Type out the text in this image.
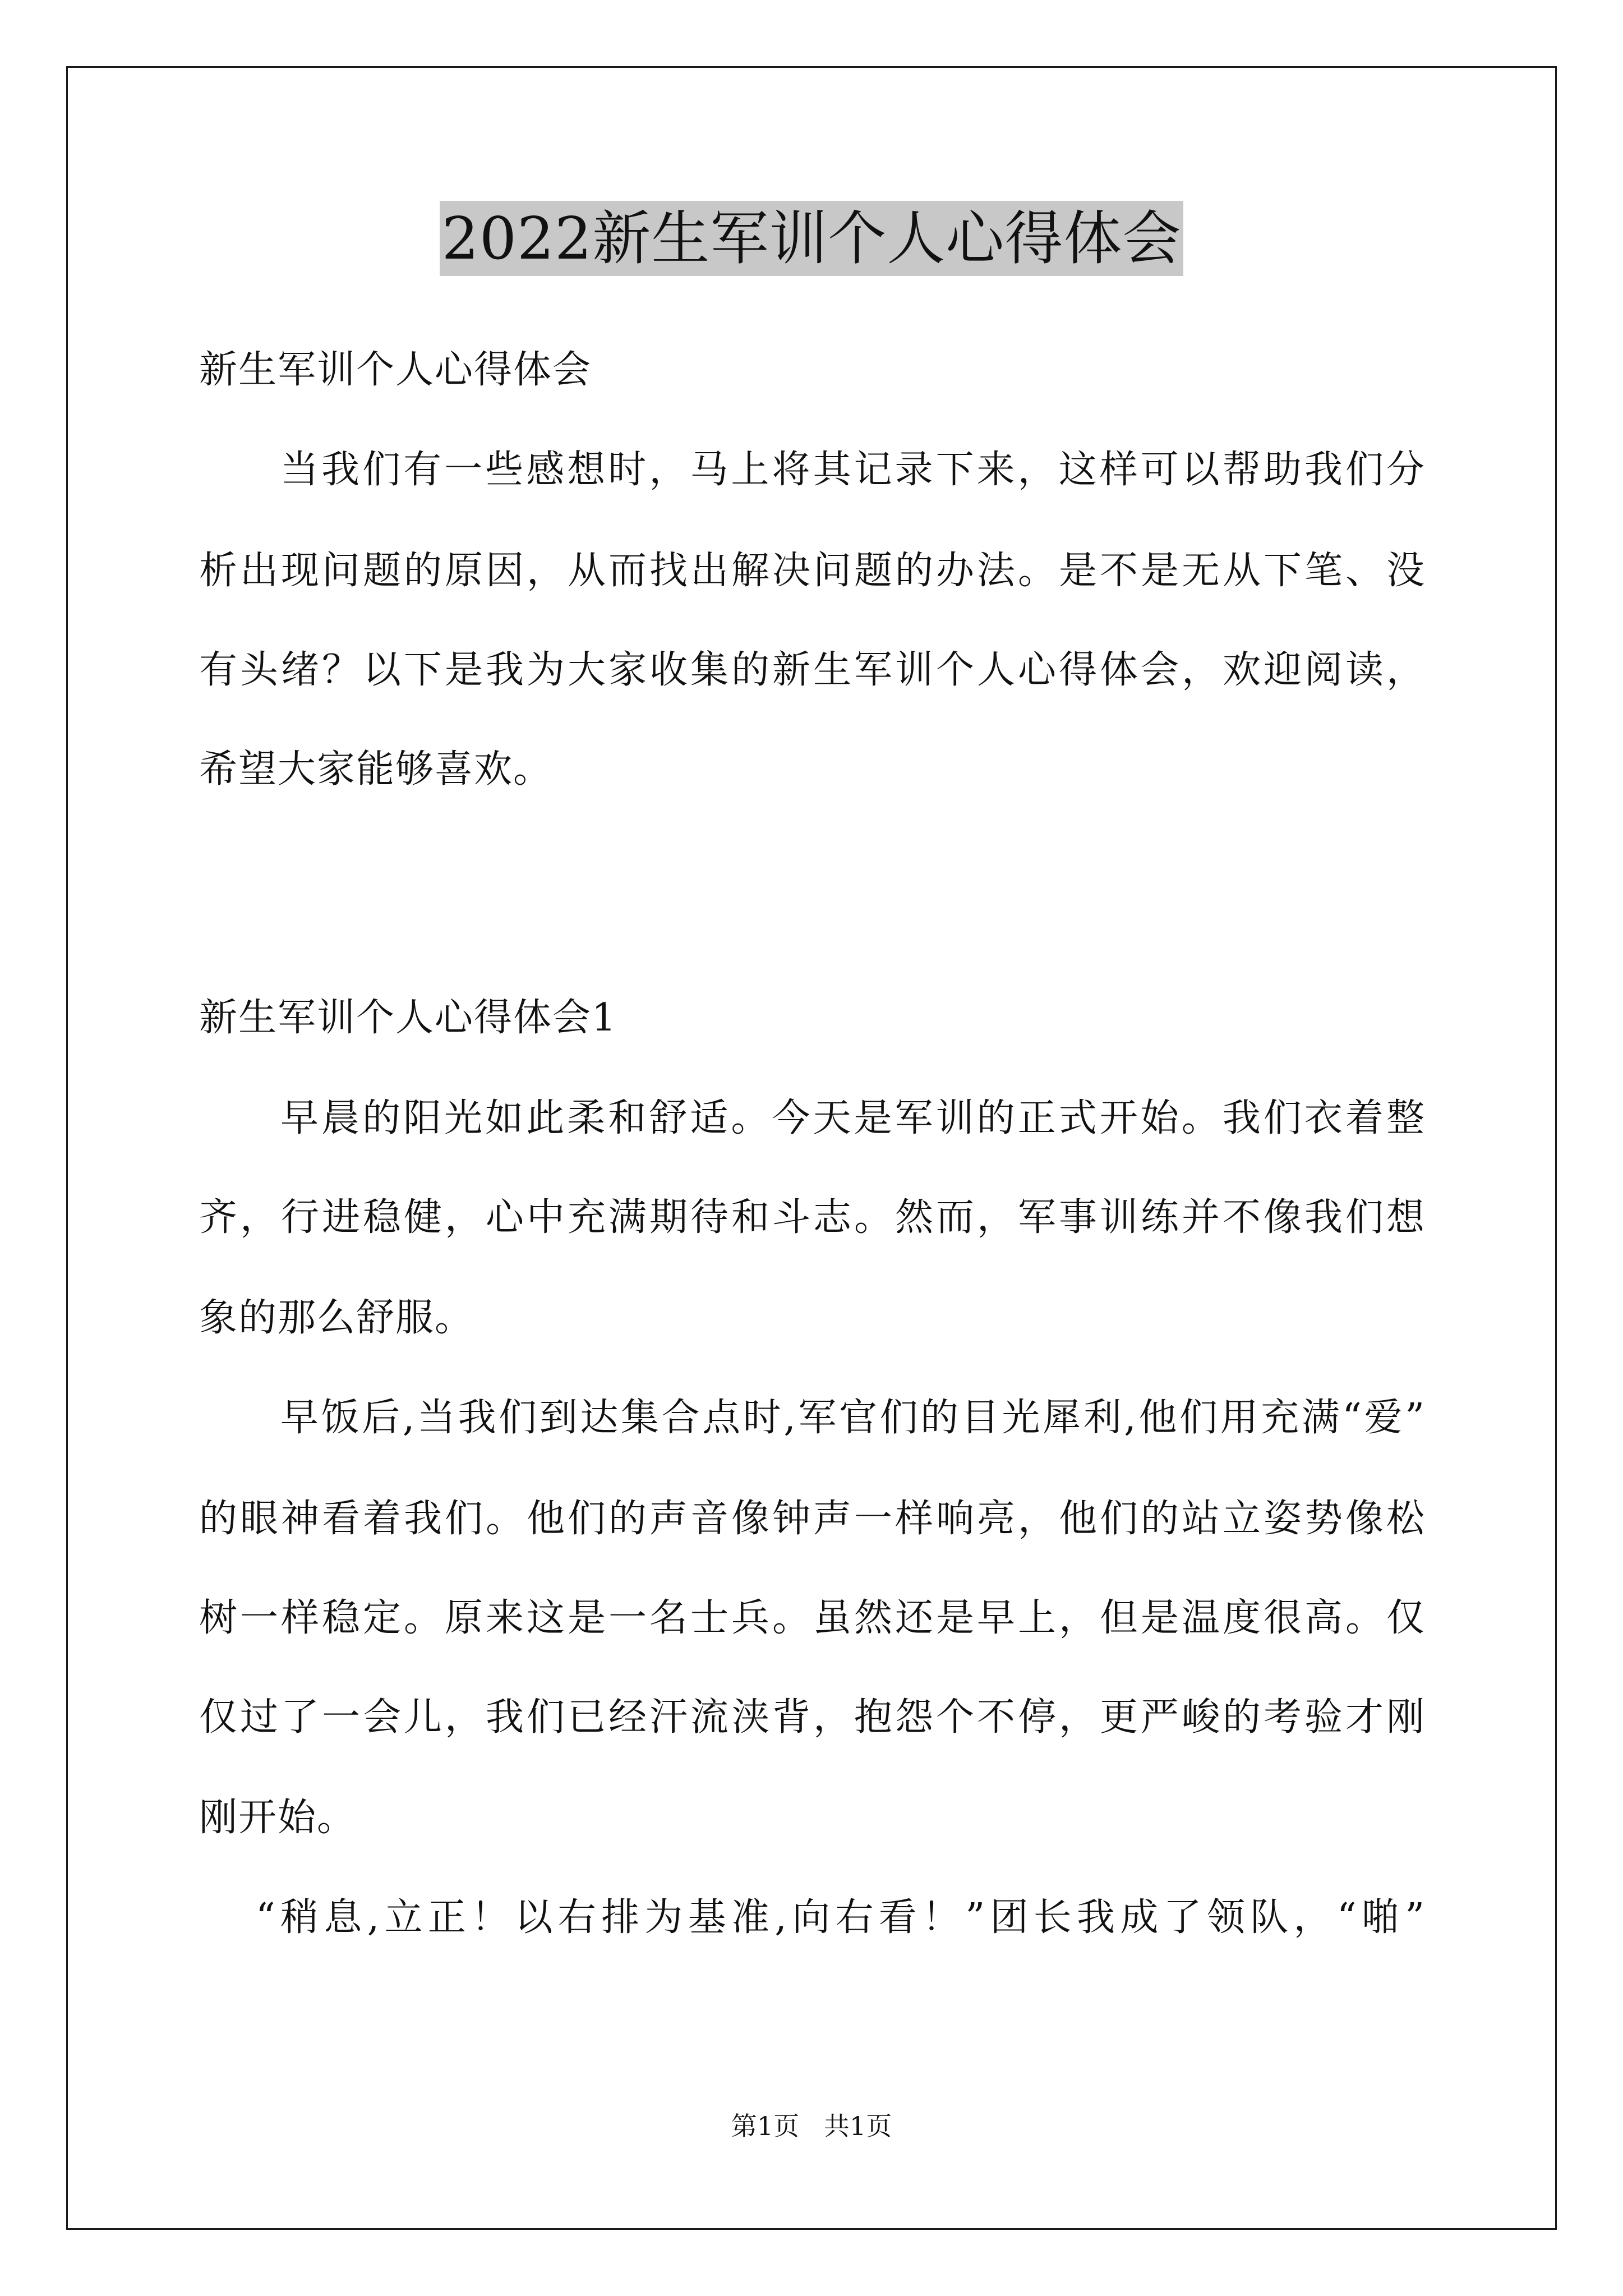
2022新生军训个人心得体会
新生军训个人心得体会
当我们有一些感想时，马上将其记录下来，这样可以帮助我们分
析出现问题的原因，从而找出解决问题的办法。是不是无从下笔、没
有头绪？以下是我为大家收集的新生军训个人心得体会，欢迎阅读，
希望大家能够喜欢。
新生军训个人心得体会1
早晨的阳光如此柔和舒适。今天是军训的正式开始。我们衣着整
齐，行进稳健，心中充满期待和斗志。然而，军事训练并不像我们想
象的那么舒服。
早饭后,当我们到达集合点时,军官们的目光犀利,他们用充满“爱”
的眼神看着我们。他们的声音像钟声一样响亮，他们的站立姿势像松
树一样稳定。原来这是一名士兵。虽然还是早上，但是温度很高。仅
仅过了一会儿，我们已经汗流浃背，抱怨个不停，更严峻的考验才刚
刚开始。
“稍息,立正！以右排为基准,向右看！”团长我成了领队，“啪”
第1页   共1页
